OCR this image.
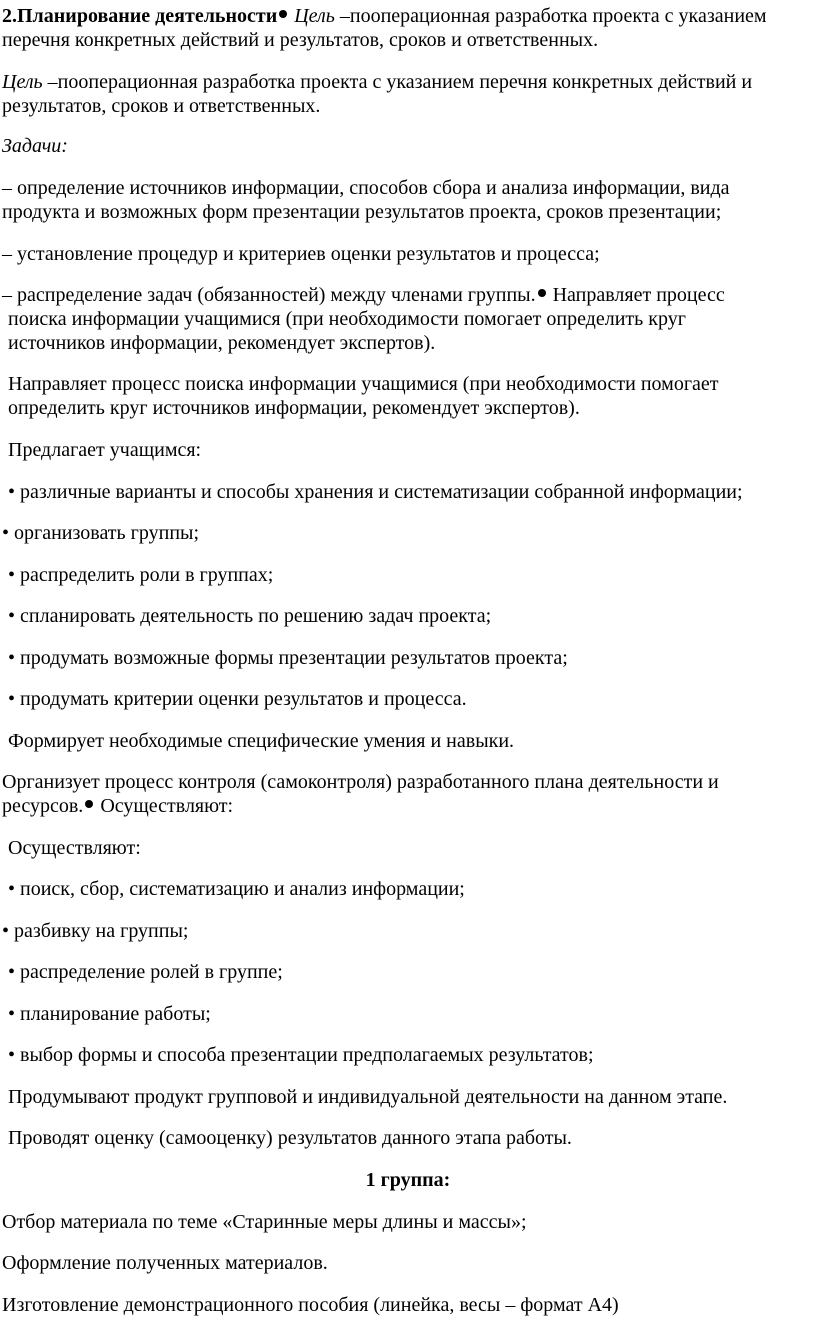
2.Планирование деятельности Цель –пооперационная разработка проекта с указанием
перечня конкретных действий и результатов, сроков и ответственных.
Цель –пооперационная разработка проекта с указанием перечня конкретных действий и
результатов, сроков и ответственных.
Задачи:
– определение источников информации, способов сбора и анализа информации, вида
продукта и возможных форм презентации результатов проекта, сроков презентации;
– установление процедур и критериев оценки результатов и процесса;
– распределение задач (обязанностей) между членами группы. Направляет процесс
поиска информации учащимися (при необходимости помогает определить круг
источников информации, рекомендует экспертов).
Направляет процесс поиска информации учащимися (при необходимости помогает
определить круг источников информации, рекомендует экспертов).
Предлагает учащимся:
• различные варианты и способы хранения и систематизации собранной информации;
• организовать группы;
• распределить роли в группах;
• спланировать деятельность по решению задач проекта;
• продумать возможные формы презентации результатов проекта;
• продумать критерии оценки результатов и процесса.
Формирует необходимые специфические умения и навыки.
Организует процесс контроля (самоконтроля) разработанного плана деятельности и
ресурсов. Осуществляют:
Осуществляют:
• поиск, сбор, систематизацию и анализ информации;
• разбивку на группы;
• распределение ролей в группе;
• планирование работы;
• выбор формы и способа презентации предполагаемых результатов;
Продумывают продукт групповой и индивидуальной деятельности на данном этапе.
Проводят оценку (самооценку) результатов данного этапа работы.
1 группа:
Отбор материала по теме «Старинные меры длины и массы»;
Оформление полученных материалов.
Изготовление демонстрационного пособия (линейка, весы – формат А4)
